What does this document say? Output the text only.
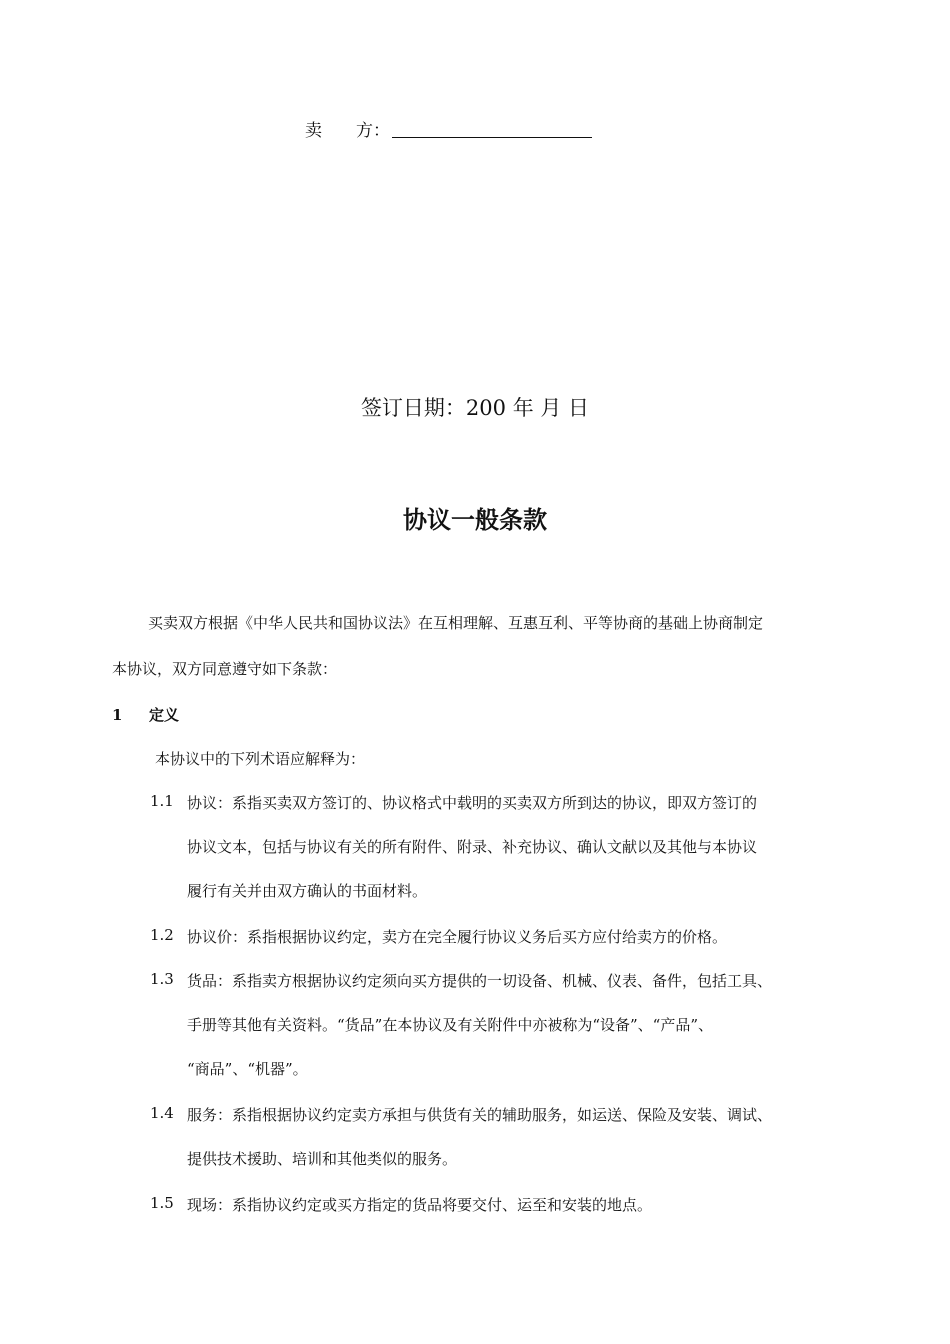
卖　　方：
签订日期：200 年 月 日
协议一般条款
买卖双方根据《中华人民共和国协议法》在互相理解、互惠互利、平等协商的基础上协商制定
本协议，双方同意遵守如下条款：
1 定义
本协议中的下列术语应解释为：
1.1 协议：系指买卖双方签订的、协议格式中载明的买卖双方所到达的协议，即双方签订的
协议文本，包括与协议有关的所有附件、附录、补充协议、确认文献以及其他与本协议
履行有关并由双方确认的书面材料。
1.2 协议价：系指根据协议约定，卖方在完全履行协议义务后买方应付给卖方的价格。
1.3 货品：系指卖方根据协议约定须向买方提供的一切设备、机械、仪表、备件，包括工具、
手册等其他有关资料。“货品”在本协议及有关附件中亦被称为“设备”、“产品”、
“商品”、“机器”。
1.4 服务：系指根据协议约定卖方承担与供货有关的辅助服务，如运送、保险及安装、调试、
提供技术援助、培训和其他类似的服务。
1.5 现场：系指协议约定或买方指定的货品将要交付、运至和安装的地点。
